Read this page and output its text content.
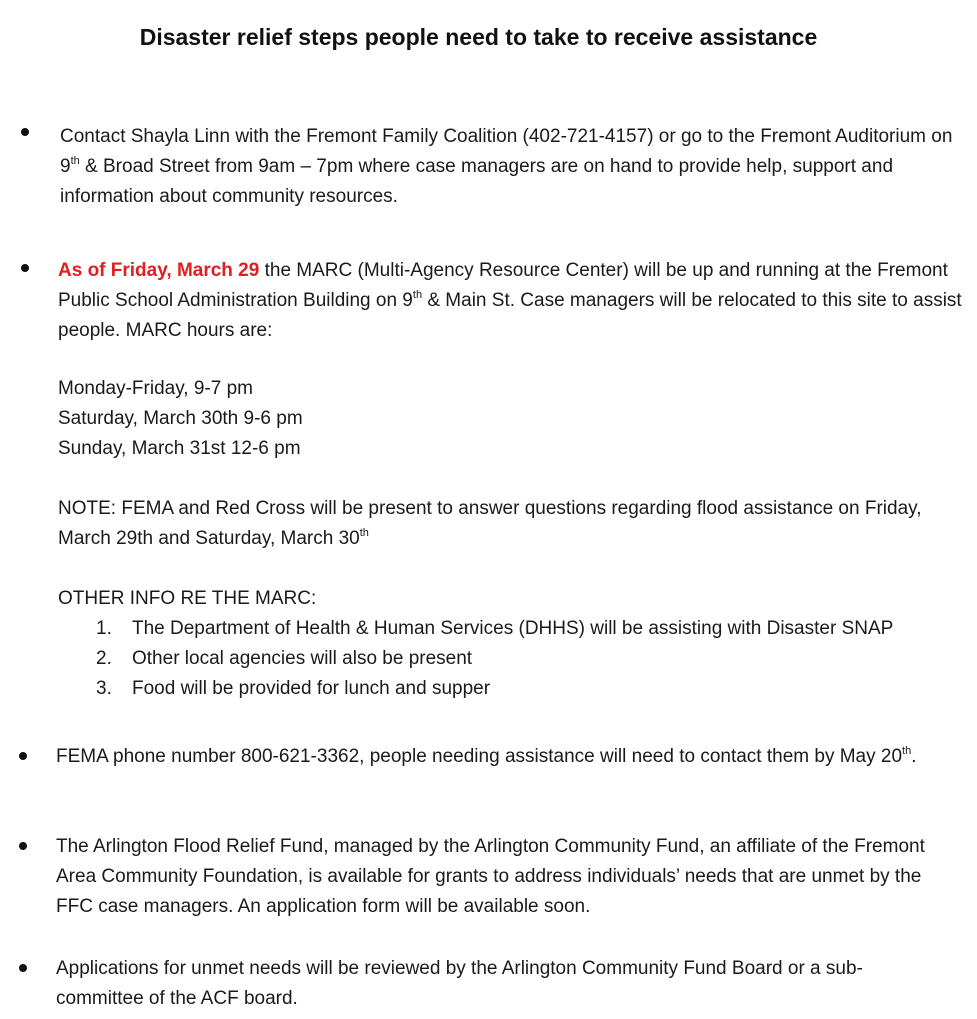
Disaster relief steps people need to take to receive assistance

Contact Shayla Linn with the Fremont Family Coalition (402-721-4157) or go to the Fremont Auditorium on 9th & Broad Street from 9am – 7pm where case managers are on hand to provide help, support and information about community resources.

As of Friday, March 29 the MARC (Multi-Agency Resource Center) will be up and running at the Fremont Public School Administration Building on 9th & Main St. Case managers will be relocated to this site to assist people. MARC hours are:

Monday-Friday, 9-7 pm

Saturday, March 30th 9-6 pm

Sunday, March 31st 12-6 pm

NOTE: FEMA and Red Cross will be present to answer questions regarding flood assistance on Friday, March 29th and Saturday, March 30th

OTHER INFO RE THE MARC:

1. The Department of Health & Human Services (DHHS) will be assisting with Disaster SNAP
2. Other local agencies will also be present
3. Food will be provided for lunch and supper

FEMA phone number 800-621-3362, people needing assistance will need to contact them by May 20th.

The Arlington Flood Relief Fund, managed by the Arlington Community Fund, an affiliate of the Fremont Area Community Foundation, is available for grants to address individuals’ needs that are unmet by the FFC case managers. An application form will be available soon.

Applications for unmet needs will be reviewed by the Arlington Community Fund Board or a sub-committee of the ACF board.
